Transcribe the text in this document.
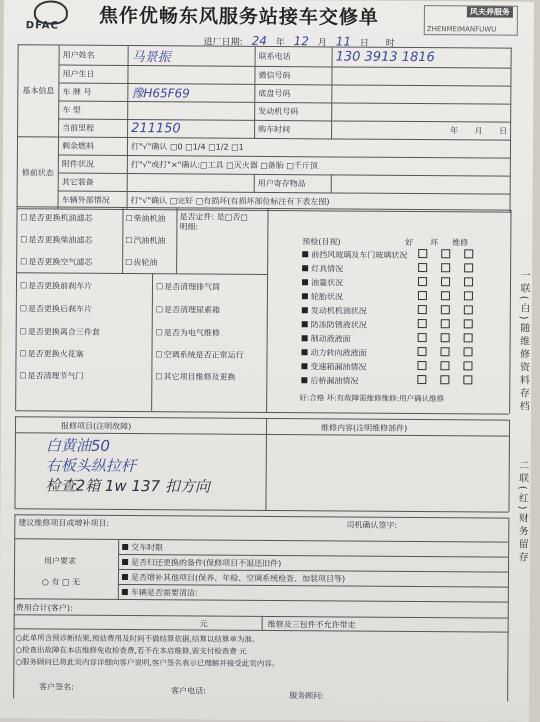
DFAC 焦作优畅东风服务站接车交修单	风夫养服务
ZHENMEIMANFUWU
进厂日期: 24 年 12 月 11 日 时
基本信息	用户姓名	马景振	联系电话	130 3913 1816
	用户生日		微信号码	
	车 牌 号	豫H65F69	底盘号码	
	车 型		发动机号码	
	当前里程	211150	购车时间	年 月 日
修前状态	剩余燃料	打"√"确认 □0 □1/4 □1/2 □1		
	附件状况	打"√"或打"×"确认:□工具 □灭火器 □备胎 □千斤顶		
	其它装备		用户寄存物品	
	车辆外部情况	打"√"确认 □完好 □有损坏(有损坏部位标注有下表左图)		
☐ 是否更换机油滤芯
☐ 是否更换柴油滤芯
☐ 是否更换空气滤芯
☐ 是否更换前刹车片
☐ 是否更换后刹车片
☐ 是否更换离合三件套
☐ 是否更换火花塞
☐ 是否清理节气门
☐ 柴油机油
☐ 汽油机油
☐ 齿轮油
☐ 是否清理排气筒
☐ 是否清理尿素箱
☐ 是否为电气维修
☐ 空调系统是否正常运行
☐ 其它项目维修及更换
是否定件: 是□否□
明细:
预检(目视)	好 坏 维修
前挡风玻璃及车门玻璃状况
灯具情况
油量状况
轮胎状况
发动机机油状况
防冻防锈液状况
制动液液面
动力转向液液面
变速箱漏油情况
后桥漏油情况
好:合格 坏:有故障需维修维修:用户确认维修	一联(白)随维修资料存档
二联(红)财务留存
报修项目(注明故障)	维修内容(注明维修部件)
白黄油50
右板头纵拉杆
检查2箱 1w 137 扣方向
建议维修项目或增补项目:	司机确认签字:
用户要求
○ 有 □ 无
交车时限
是否归还更换的备件(保修项目不退还旧件)
是否增补其他项目(保养、年检、空调系统检查、加装项目等)
车辆是否需要清洁:
费用合计(客户):
元	维修及三包件不允许带走
○此单所含预诊断结果,预估费用及时间不做结算依据,结算以结算单为准。
○检查出故障在本店维修免收检查费,若不在本店维修,需支付检查费 元
○服务顾问已将此页内容详细向客户说明,客户签名表示已理解并接受此页内容。
客户签名:	客户电话:
服务顾问:
